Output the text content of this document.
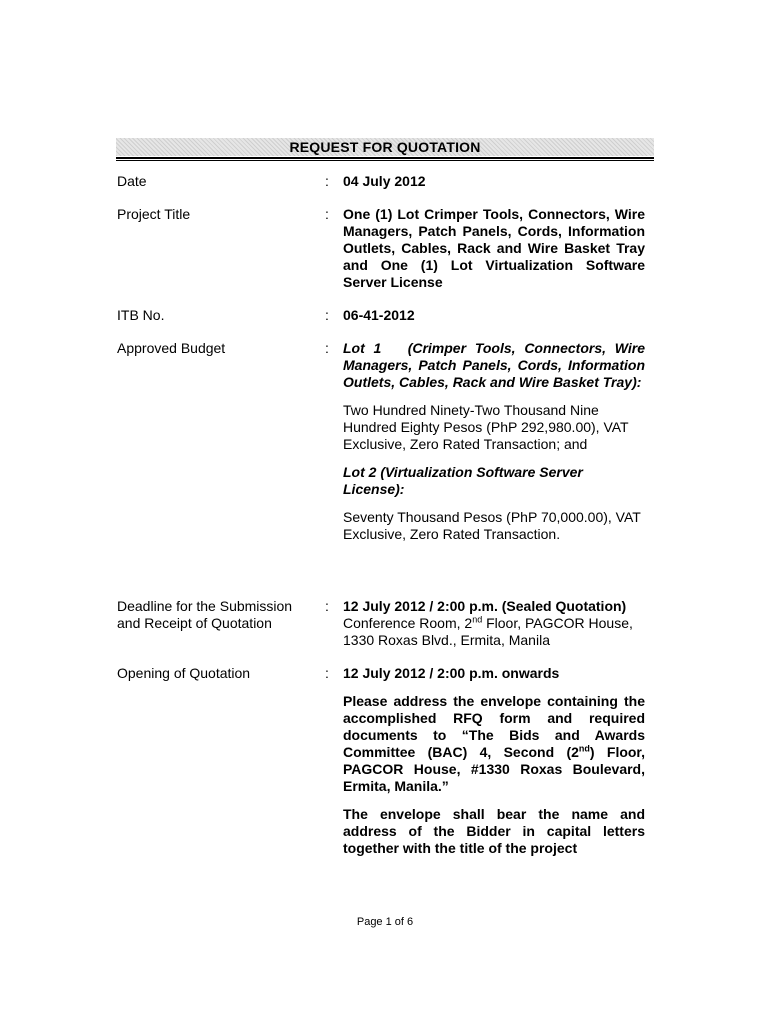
REQUEST FOR QUOTATION
Date	: 04 July 2012
Project Title	: One (1) Lot Crimper Tools, Connectors, Wire Managers, Patch Panels, Cords, Information Outlets, Cables, Rack and Wire Basket Tray and One (1) Lot Virtualization Software Server License
ITB No.	: 06-41-2012
Approved Budget	: Lot 1   (Crimper Tools, Connectors, Wire Managers, Patch Panels, Cords, Information Outlets, Cables, Rack and Wire Basket Tray):
Two Hundred Ninety-Two Thousand Nine Hundred Eighty Pesos (PhP 292,980.00), VAT Exclusive, Zero Rated Transaction; and
Lot 2 (Virtualization Software Server License):
Seventy Thousand Pesos (PhP 70,000.00), VAT Exclusive, Zero Rated Transaction.
Deadline for the Submission
and Receipt of Quotation
: 12 July 2012 / 2:00 p.m. (Sealed Quotation)
Conference Room, 2nd Floor, PAGCOR House,
1330 Roxas Blvd., Ermita, Manila
Opening of Quotation	: 12 July 2012 / 2:00 p.m. onwards
Please address the envelope containing the accomplished RFQ form and required documents to “The Bids and Awards Committee (BAC) 4, Second (2nd) Floor, PAGCOR House, #1330 Roxas Boulevard, Ermita, Manila.”
The envelope shall bear the name and address of the Bidder in capital letters together with the title of the project
Page 1 of 6
